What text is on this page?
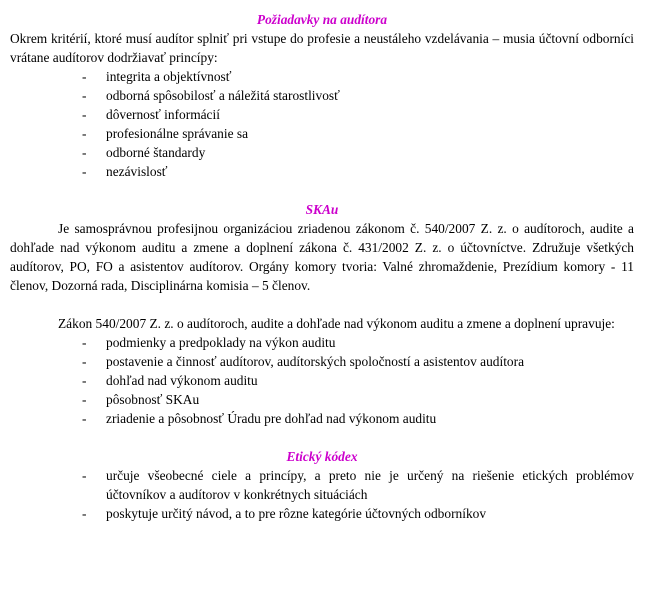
Požiadavky na audítora

Okrem kritérií, ktoré musí audítor splniť pri vstupe do profesie a neustáleho vzdelávania – musia účtovní odborníci vrátane audítorov dodržiavať princípy:

- integrita a objektívnosť
- odborná spôsobilosť a náležitá starostlivosť
- dôvernosť informácií
- profesionálne správanie sa
- odborné štandardy
- nezávislosť
SKAu

Je samosprávnou profesijnou organizáciou zriadenou zákonom č. 540/2007 Z. z. o audítoroch, audite a dohľade nad výkonom auditu a zmene a doplnení zákona č. 431/2002 Z. z. o účtovníctve. Združuje všetkých audítorov, PO, FO a asistentov audítorov. Orgány komory tvoria: Valné zhromaždenie, Prezídium komory - 11 členov, Dozorná rada, Disciplinárna komisia – 5 členov.

Zákon 540/2007 Z. z. o audítoroch, audite a dohľade nad výkonom auditu a zmene a doplnení upravuje:

- podmienky a predpoklady na výkon auditu
- postavenie a činnosť audítorov, audítorských spoločností a asistentov audítora
- dohľad nad výkonom auditu
- pôsobnosť SKAu
- zriadenie a pôsobnosť Úradu pre dohľad nad výkonom auditu
Etický kódex
- určuje všeobecné ciele a princípy, a preto nie je určený na riešenie etických problémov účtovníkov a audítorov v konkrétnych situáciách
- poskytuje určitý návod, a to pre rôzne kategórie účtovných odborníkov
